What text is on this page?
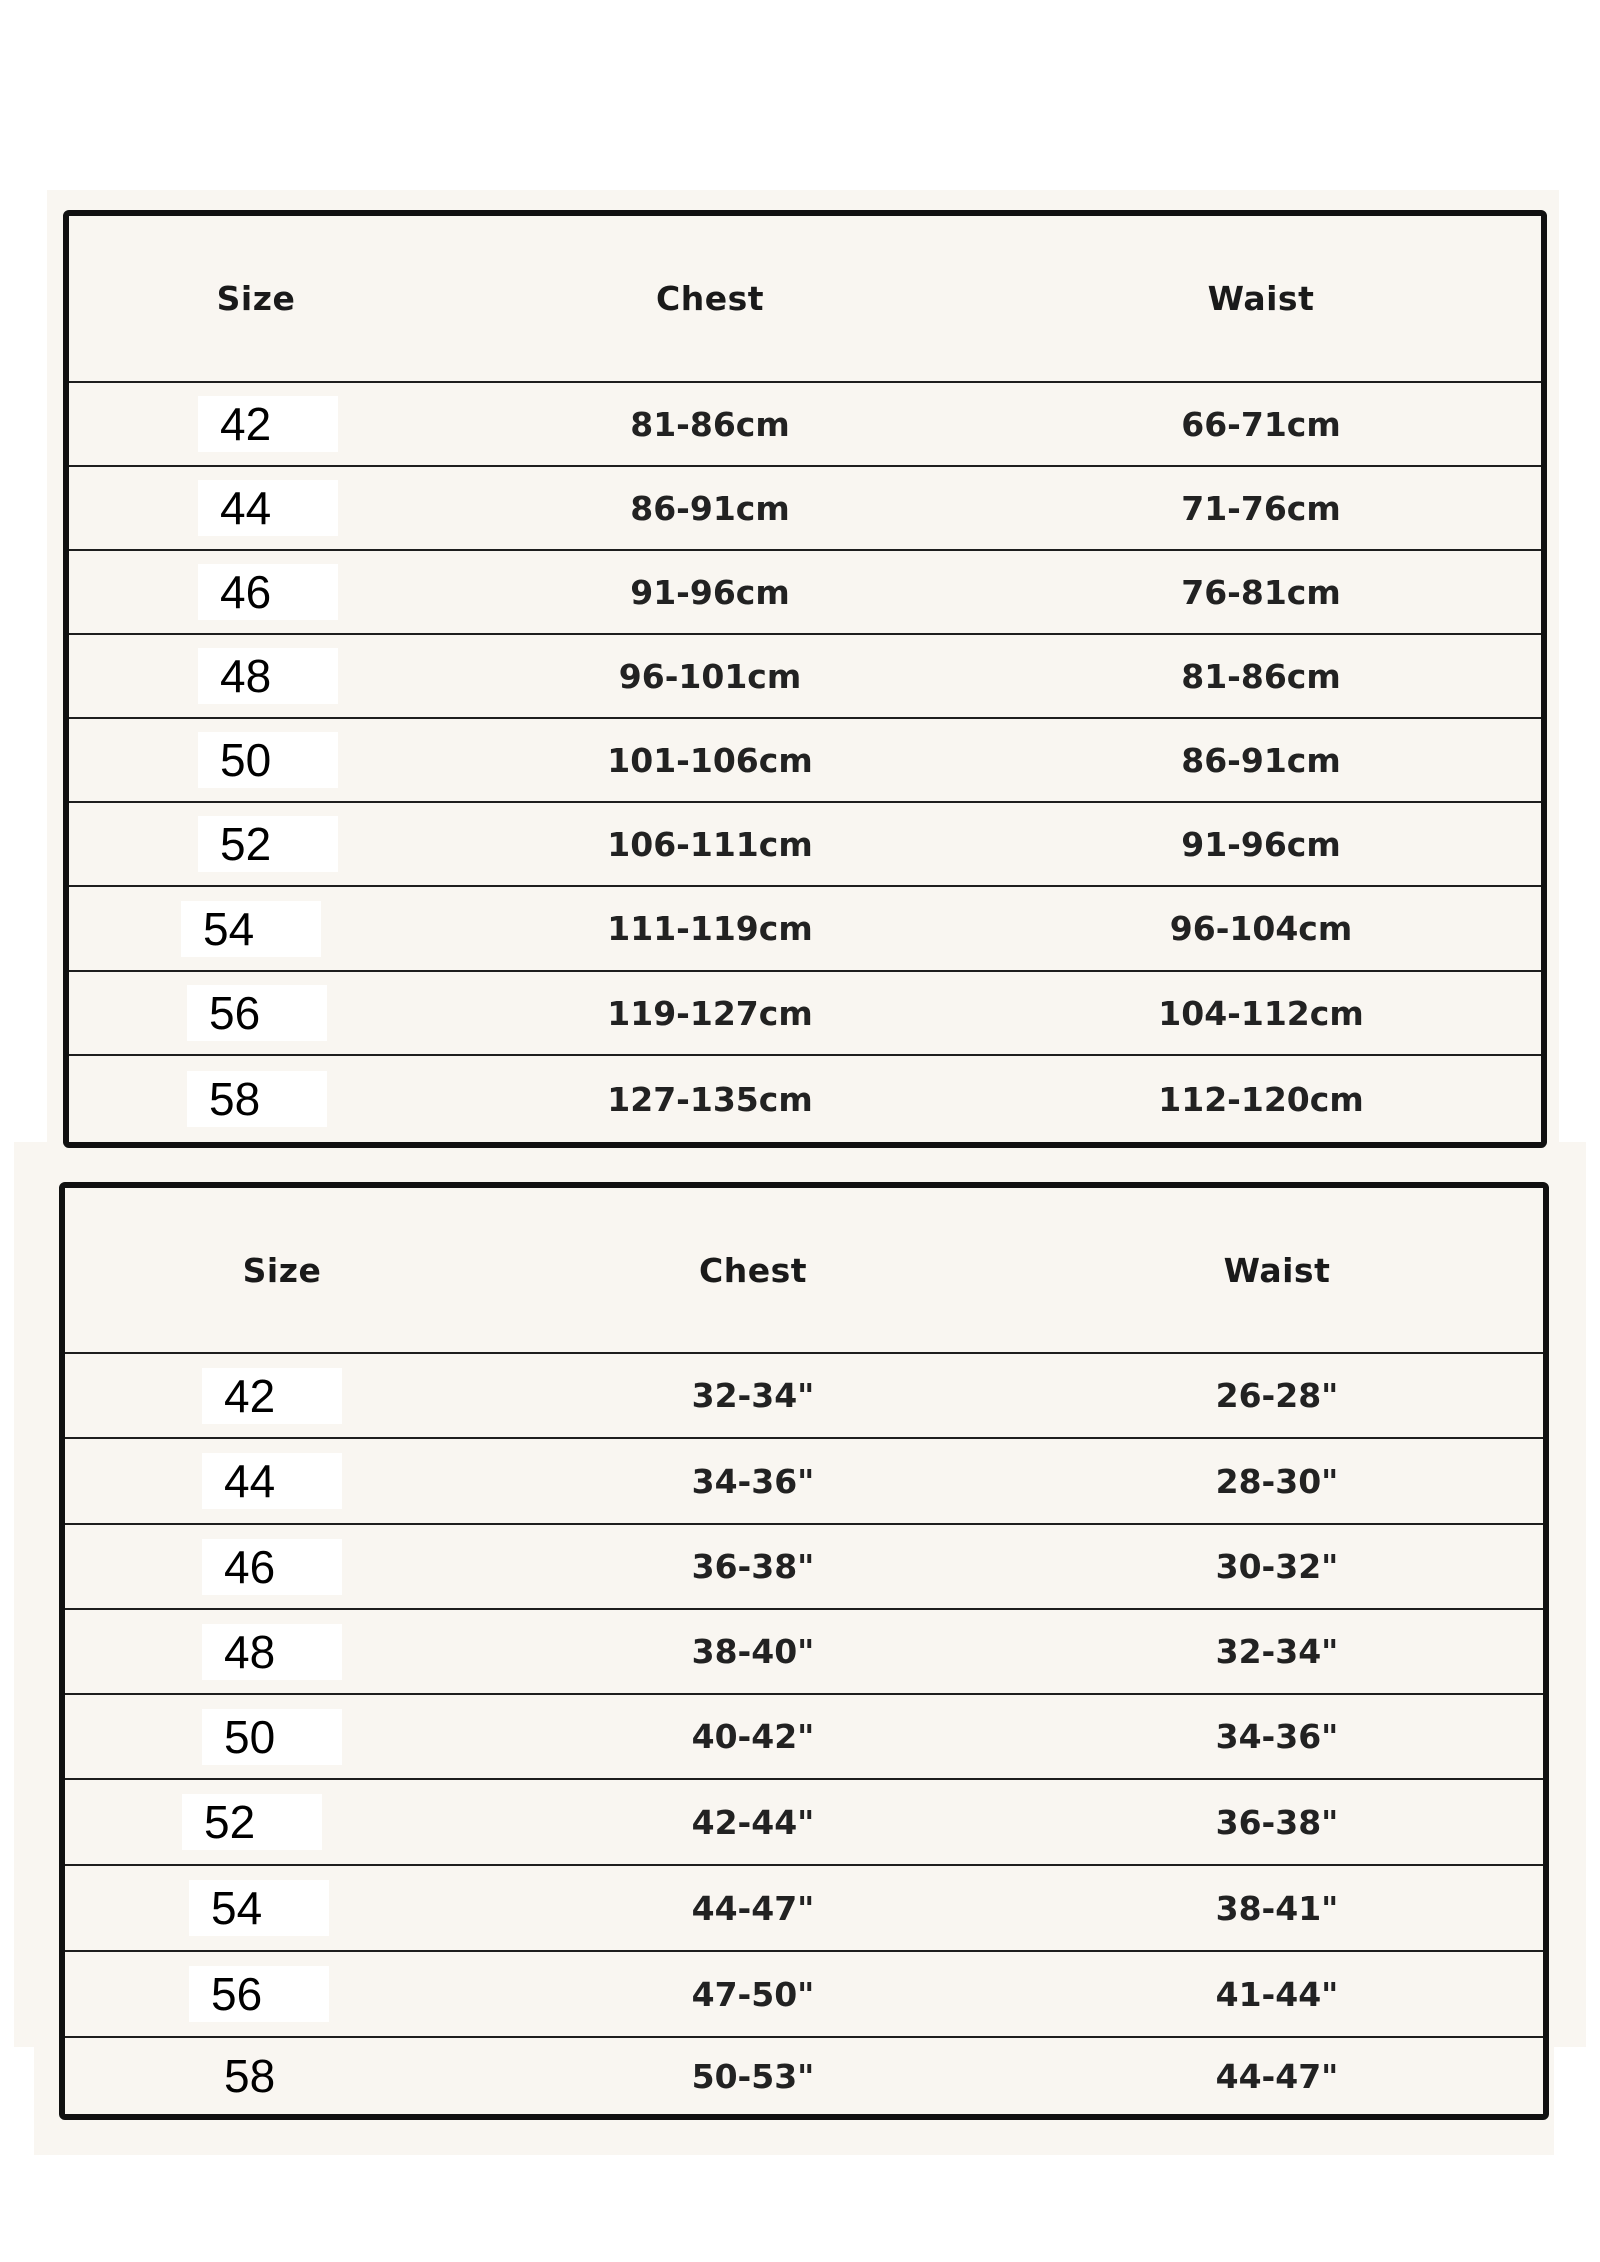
Size	Chest	Waist
42	81-86cm	66-71cm
44	86-91cm	71-76cm
46	91-96cm	76-81cm
48	96-101cm	81-86cm
50	101-106cm	86-91cm
52	106-111cm	91-96cm
54	111-119cm	96-104cm
56	119-127cm	104-112cm
58	127-135cm	112-120cm
Size	Chest	Waist
42	32-34"	26-28"
44	34-36"	28-30"
46	36-38"	30-32"
48	38-40"	32-34"
50	40-42"	34-36"
52	42-44"	36-38"
54	44-47"	38-41"
56	47-50"	41-44"
58	50-53"	44-47"
